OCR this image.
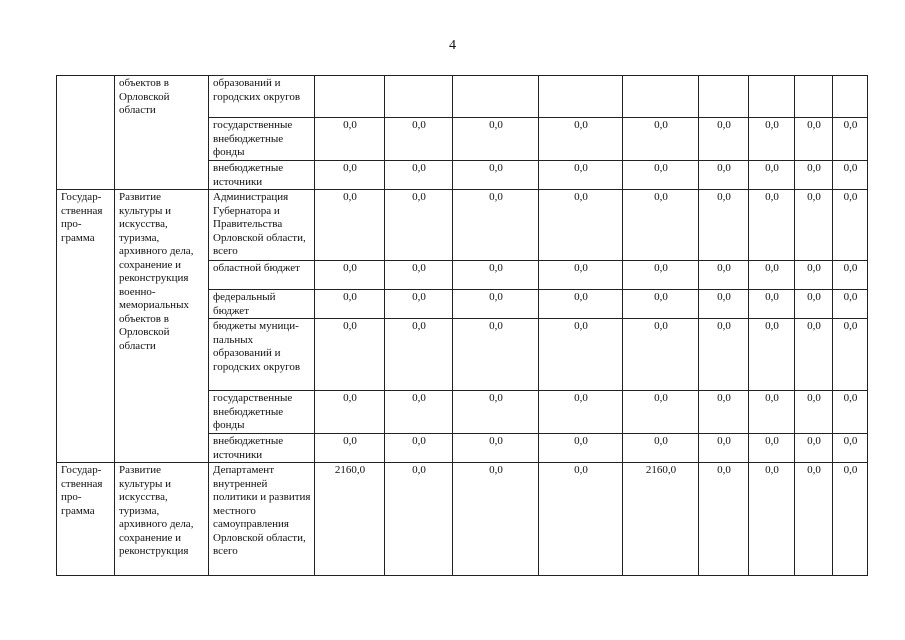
4
	объектов в Орловской области	образований и городских округов									
		государственные внебюджетные фонды	0,0	0,0	0,0	0,0	0,0	0,0	0,0	0,0	0,0
		внебюджетные источники	0,0	0,0	0,0	0,0	0,0	0,0	0,0	0,0	0,0
Государ-ственная про-грамма	Развитие культуры и искусства, туризма, архивного дела, сохранение и реконструкция военно-мемориальных объектов в Орловской области	Администрация Губернатора и Правительства Орловской области, всего	0,0	0,0	0,0	0,0	0,0	0,0	0,0	0,0	0,0
		областной бюджет	0,0	0,0	0,0	0,0	0,0	0,0	0,0	0,0	0,0
		федеральный бюджет	0,0	0,0	0,0	0,0	0,0	0,0	0,0	0,0	0,0
		бюджеты муници-пальных образований и городских округов	0,0	0,0	0,0	0,0	0,0	0,0	0,0	0,0	0,0
		государственные внебюджетные фонды	0,0	0,0	0,0	0,0	0,0	0,0	0,0	0,0	0,0
		внебюджетные источники	0,0	0,0	0,0	0,0	0,0	0,0	0,0	0,0	0,0
Государ-ственная про-грамма	Развитие культуры и искусства, туризма, архивного дела, сохранение и реконструкция	Департамент внутренней политики и развития местного самоуправления Орловской области, всего	2160,0	0,0	0,0	0,0	2160,0	0,0	0,0	0,0	0,0
